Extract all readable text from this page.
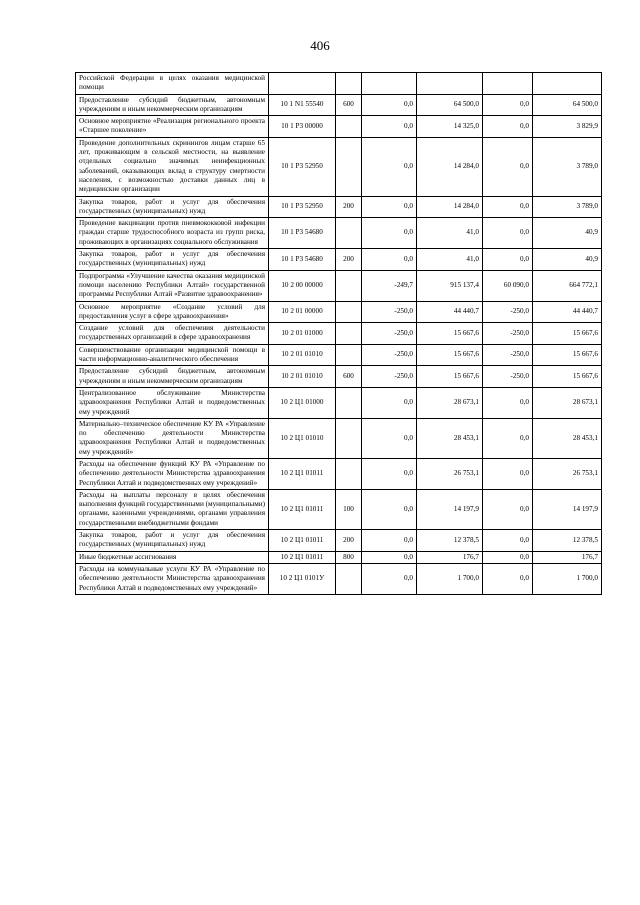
406
Российской Федерации в целях оказания медицинской помощи						
Предоставление субсидий бюджетным, автономным учреждениям и иным некоммерческим организациям	10 1 N1 55540	600	0,0	64 500,0	0,0	64 500,0
Основное мероприятие «Реализация регионального проекта «Старшее поколение»	10 1 P3 00000		0,0	14 325,0	0,0	3 829,9
Проведение дополнительных скринингов лицам старше 65 лет, проживающим в сельской местности, на выявление отдельных социально значимых неинфекционных заболеваний, оказывающих вклад в структуру смертности населения, с возможностью доставки данных лиц в медицинские организации	10 1 P3 52950		0,0	14 284,0	0,0	3 789,0
Закупка товаров, работ и услуг для обеспечения государственных (муниципальных) нужд	10 1 P3 52950	200	0,0	14 284,0	0,0	3 789,0
Проведение вакцинации против пневмококковой инфекции граждан старше трудоспособного возраста из групп риска, проживающих в организациях социального обслуживания	10 1 P3 54680		0,0	41,0	0,0	40,9
Закупка товаров, работ и услуг для обеспечения государственных (муниципальных) нужд	10 1 P3 54680	200	0,0	41,0	0,0	40,9
Подпрограмма «Улучшение качества оказания медицинской помощи населению Республики Алтай» государственной программы Республики Алтай «Развитие здравоохранения»	10 2 00 00000		-249,7	915 137,4	60 090,0	664 772,1
Основное мероприятие «Создание условий для предоставления услуг в сфере здравоохранения»	10 2 01 00000		-250,0	44 440,7	-250,0	44 440,7
Создание условий для обеспечения деятельности государственных организаций в сфере здравоохранения	10 2 01 01000		-250,0	15 667,6	-250,0	15 667,6
Совершенствование организации медицинской помощи в части информационно-аналитического обеспечения	10 2 01 01010		-250,0	15 667,6	-250,0	15 667,6
Предоставление субсидий бюджетным, автономным учреждениям и иным некоммерческим организациям	10 2 01 01010	600	-250,0	15 667,6	-250,0	15 667,6
Централизованное обслуживание Министерства здравоохранения Республики Алтай и подведомственных ему учреждений	10 2 Ц1 01000		0,0	28 673,1	0,0	28 673,1
Материально–техническое обеспечение КУ РА «Управление по обеспечению деятельности Министерства здравоохранения Республики Алтай и подведомственных ему учреждений»	10 2 Ц1 01010		0,0	28 453,1	0,0	28 453,1
Расходы на обеспечение функций КУ РА «Управление по обеспечению деятельности Министерства здравоохранения Республики Алтай и подведомственных ему учреждений»	10 2 Ц1 01011		0,0	26 753,1	0,0	26 753,1
Расходы на выплаты персоналу в целях обеспечения выполнения функций государственными (муниципальными) органами, казенными учреждениями, органами управления государственными внебюджетными фондами	10 2 Ц1 01011	100	0,0	14 197,9	0,0	14 197,9
Закупка товаров, работ и услуг для обеспечения государственных (муниципальных) нужд	10 2 Ц1 01011	200	0,0	12 378,5	0,0	12 378,5
Иные бюджетные ассигнования	10 2 Ц1 01011	800	0,0	176,7	0,0	176,7
Расходы на коммунальные услуги КУ РА «Управление по обеспечению деятельности Министерства здравоохранения Республики Алтай и подведомственных ему учреждений»	10 2 Ц1 0101У		0,0	1 700,0	0,0	1 700,0
